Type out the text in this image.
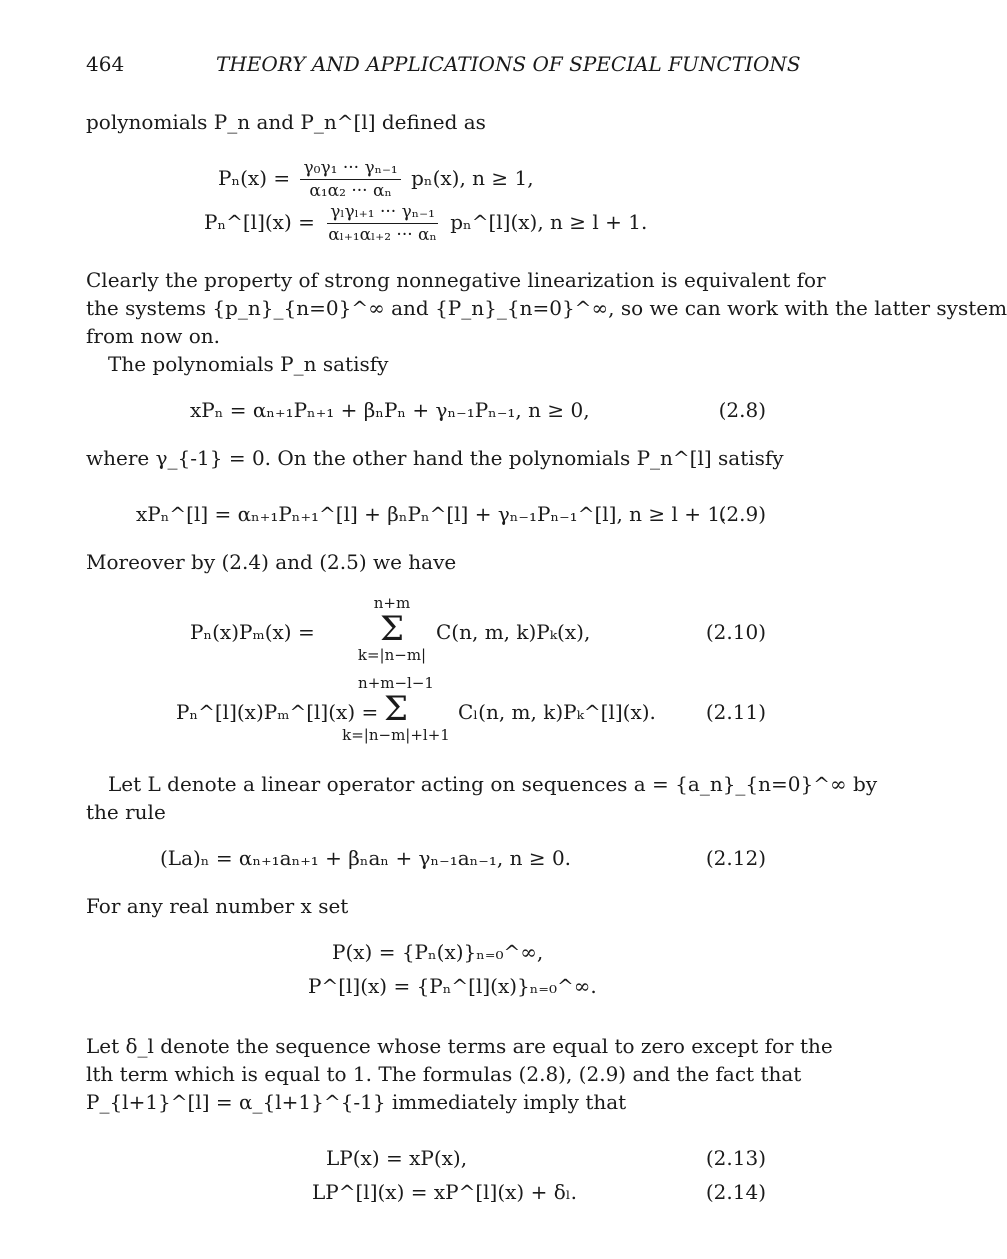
464	THEORY AND APPLICATIONS OF SPECIAL FUNCTIONS
polynomials P_n and P_n^[l] defined as
$P_n(x) = \frac{\text{γ₀γ₁ ··· γₙ₋₁}}{\text{α₁α₂ ··· αₙ}} p_n(x)$, n ≥ 1,
Pₙ^[l](x) = $\frac{\text{γₗγₗ₊₁ ··· γₙ₋₁}}{\text{αₗ₊₁αₗ₊₂ ··· αₙ}}$ pₙ^[l](x), n ≥ l + 1.
Clearly the property of strong nonnegative linearization is equivalent for
the systems {p_n}_{n=0}^∞ and {P_n}_{n=0}^∞, so we can work with the latter system
from now on.
The polynomials P_n satisfy
xPₙ = αₙ₊₁Pₙ₊₁ + βₙPₙ + γₙ₋₁Pₙ₋₁, n ≥ 0,	(2.8)
where γ_{-1} = 0. On the other hand the polynomials P_n^[l] satisfy
xPₙ^[l] = αₙ₊₁Pₙ₊₁^[l] + βₙPₙ^[l] + γₙ₋₁Pₙ₋₁^[l], n ≥ l + 1.
(2.9)
Moreover by (2.4) and (2.5) we have
Pₙ(x)Pₘ(x) =
n+m
Σ
k=|n−m|
C(n, m, k)Pₖ(x),	(2.10)
Pₙ^[l](x)Pₘ^[l](x) =
n+m−l−1
Σ
k=|n−m|+l+1
Cₗ(n, m, k)Pₖ^[l](x). (2.11)
Let L denote a linear operator acting on sequences a = {a_n}_{n=0}^∞ by
the rule
(La)ₙ = αₙ₊₁aₙ₊₁ + βₙaₙ + γₙ₋₁aₙ₋₁, n ≥ 0.	(2.12)
For any real number x set
P(x) = {Pₙ(x)}ₙ₌₀^∞,
P^[l](x) = {Pₙ^[l](x)}ₙ₌₀^∞.
Let δ_l denote the sequence whose terms are equal to zero except for the
lth term which is equal to 1. The formulas (2.8), (2.9) and the fact that
P_{l+1}^[l] = α_{l+1}^{-1} immediately imply that
LP(x) = xP(x),	(2.13)
LP^[l](x) = xP^[l](x) + δₗ.	(2.14)
